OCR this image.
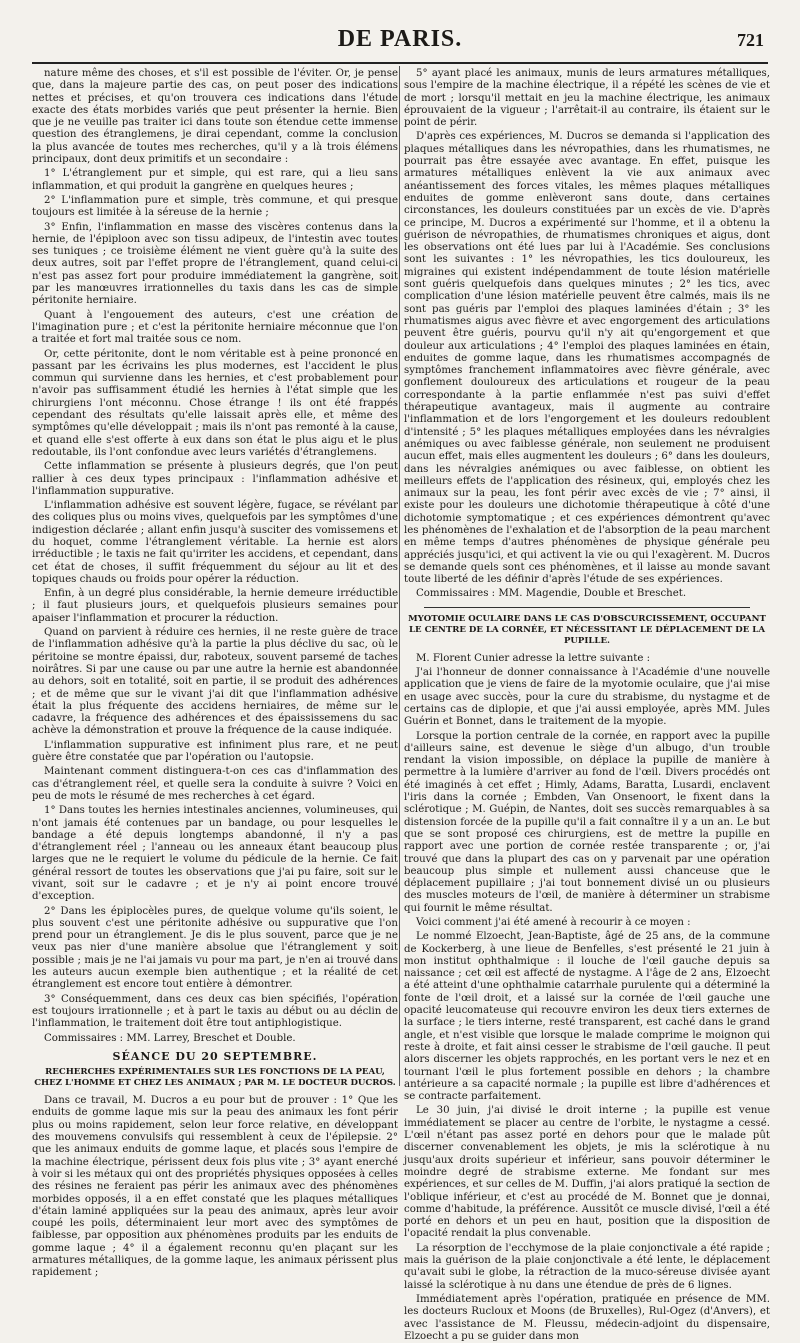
DE PARIS.	721

nature même des choses, et s'il est possible de l'éviter. Or, je pense que, dans la majeure partie des cas, on peut poser des indications nettes et précises, et qu'on trouvera ces indications dans l'étude exacte des états morbides variés que peut présenter la hernie. Bien que je ne veuille pas traiter ici dans toute son étendue cette immense question des étranglemens, je dirai cependant, comme la conclusion la plus avancée de toutes mes recherches, qu'il y a là trois élémens principaux, dont deux primitifs et un secondaire :

1° L'étranglement pur et simple, qui est rare, qui a lieu sans inflammation, et qui produit la gangrène en quelques heures ;

2° L'inflammation pure et simple, très commune, et qui presque toujours est limitée à la séreuse de la hernie ;

3° Enfin, l'inflammation en masse des viscères contenus dans la hernie, de l'épiploon avec son tissu adipeux, de l'intestin avec toutes ses tuniques ; ce troisième élément ne vient guère qu'à la suite des deux autres, soit par l'effet propre de l'étranglement, quand celui-ci n'est pas assez fort pour produire immédiatement la gangrène, soit par les manœuvres irrationnelles du taxis dans les cas de simple péritonite herniaire.

Quant à l'engouement des auteurs, c'est une création de l'imagination pure ; et c'est la péritonite herniaire méconnue que l'on a traitée et fort mal traitée sous ce nom.

Or, cette péritonite, dont le nom véritable est à peine prononcé en passant par les écrivains les plus modernes, est l'accident le plus commun qui survienne dans les hernies, et c'est probablement pour n'avoir pas suffisamment étudié les hernies à l'état simple que les chirurgiens l'ont méconnu. Chose étrange ! ils ont été frappés cependant des résultats qu'elle laissait après elle, et même des symptômes qu'elle développait ; mais ils n'ont pas remonté à la cause, et quand elle s'est offerte à eux dans son état le plus aigu et le plus redoutable, ils l'ont confondue avec leurs variétés d'étranglemens.

Cette inflammation se présente à plusieurs degrés, que l'on peut rallier à ces deux types principaux : l'inflammation adhésive et l'inflammation suppurative.

L'inflammation adhésive est souvent légère, fugace, se révélant par des coliques plus ou moins vives, quelquefois par les symptômes d'une indigestion déclarée ; allant enfin jusqu'à susciter des vomissemens et du hoquet, comme l'étranglement véritable. La hernie est alors irréductible ; le taxis ne fait qu'irriter les accidens, et cependant, dans cet état de choses, il suffit fréquemment du séjour au lit et des topiques chauds ou froids pour opérer la réduction.

Enfin, à un degré plus considérable, la hernie demeure irréductible ; il faut plusieurs jours, et quelquefois plusieurs semaines pour apaiser l'inflammation et procurer la réduction.

Quand on parvient à réduire ces hernies, il ne reste guère de trace de l'inflammation adhésive qu'à la partie la plus déclive du sac, où le péritoine se montre épaissi, dur, raboteux, souvent parsemé de taches noirâtres. Si par une cause ou par une autre la hernie est abandonnée au dehors, soit en totalité, soit en partie, il se produit des adhérences ; et de même que sur le vivant j'ai dit que l'inflammation adhésive était la plus fréquente des accidens herniaires, de même sur le cadavre, la fréquence des adhérences et des épaississemens du sac achève la démonstration et prouve la fréquence de la cause indiquée.

L'inflammation suppurative est infiniment plus rare, et ne peut guère être constatée que par l'opération ou l'autopsie.

Maintenant comment distinguera-t-on ces cas d'inflammation des cas d'étranglement réel, et quelle sera la conduite à suivre ? Voici en peu de mots le résumé de mes recherches à cet égard.

1° Dans toutes les hernies intestinales anciennes, volumineuses, qui n'ont jamais été contenues par un bandage, ou pour lesquelles le bandage a été depuis longtemps abandonné, il n'y a pas d'étranglement réel ; l'anneau ou les anneaux étant beaucoup plus larges que ne le requiert le volume du pédicule de la hernie. Ce fait général ressort de toutes les observations que j'ai pu faire, soit sur le vivant, soit sur le cadavre ; et je n'y ai point encore trouvé d'exception.

2° Dans les épiplocèles pures, de quelque volume qu'ils soient, le plus souvent c'est une péritonite adhésive ou suppurative que l'on prend pour un étranglement. Je dis le plus souvent, parce que je ne veux pas nier d'une manière absolue que l'étranglement y soit possible ; mais je ne l'ai jamais vu pour ma part, je n'en ai trouvé dans les auteurs aucun exemple bien authentique ; et la réalité de cet étranglement est encore tout entière à démontrer.

3° Conséquemment, dans ces deux cas bien spécifiés, l'opération est toujours irrationnelle ; et à part le taxis au début ou au déclin de l'inflammation, le traitement doit être tout antiphlogistique.

Commissaires : MM. Larrey, Breschet et Double.

SÉANCE DU 20 SEPTEMBRE.
RECHERCHES EXPÉRIMENTALES SUR LES FONCTIONS DE LA PEAU, CHEZ L'HOMME ET CHEZ LES ANIMAUX ; PAR M. LE DOCTEUR DUCROS.

Dans ce travail, M. Ducros a eu pour but de prouver : 1° Que les enduits de gomme laque mis sur la peau des animaux les font périr plus ou moins rapidement, selon leur force relative, en développant des mouvemens convulsifs qui ressemblent à ceux de l'épilepsie. 2° que les animaux enduits de gomme laque, et placés sous l'empire de la machine électrique, périssent deux fois plus vite ; 3° ayant enerché à voir si les métaux qui ont des propriétés physiques opposées à celles des résines ne feraient pas périr les animaux avec des phénomènes morbides opposés, il a en effet constaté que les plaques métalliques d'étain laminé appliquées sur la peau des animaux, après leur avoir coupé les poils, déterminaient leur mort avec des symptômes de faiblesse, par opposition aux phénomènes produits par les enduits de gomme laque ; 4° il a également reconnu qu'en plaçant sur les armatures métalliques, de la gomme laque, les animaux périssent plus rapidement ;

5° ayant placé les animaux, munis de leurs armatures métalliques, sous l'empire de la machine électrique, il a répété les scènes de vie et de mort ; lorsqu'il mettait en jeu la machine électrique, les animaux éprouvaient de la vigueur ; l'arrêtait-il au contraire, ils étaient sur le point de périr.

D'après ces expériences, M. Ducros se demanda si l'application des plaques métalliques dans les névropathies, dans les rhumatismes, ne pourrait pas être essayée avec avantage. En effet, puisque les armatures métalliques enlèvent la vie aux animaux avec anéantissement des forces vitales, les mêmes plaques métalliques enduites de gomme enlèveront sans doute, dans certaines circonstances, les douleurs constituées par un excès de vie. D'après ce principe, M. Ducros a expérimenté sur l'homme, et il a obtenu la guérison de névropathies, de rhumatismes chroniques et aigus, dont les observations ont été lues par lui à l'Académie. Ses conclusions sont les suivantes : 1° les névropathies, les tics douloureux, les migraines qui existent indépendamment de toute lésion matérielle sont guéris quelquefois dans quelques minutes ; 2° les tics, avec complication d'une lésion matérielle peuvent être calmés, mais ils ne sont pas guéris par l'emploi des plaques laminées d'étain ; 3° les rhumatismes aigus avec fièvre et avec engorgement des articulations peuvent être guéris, pourvu qu'il n'y ait qu'engorgement et que douleur aux articulations ; 4° l'emploi des plaques laminées en étain, enduites de gomme laque, dans les rhumatismes accompagnés de symptômes franchement inflammatoires avec fièvre générale, avec gonflement douloureux des articulations et rougeur de la peau correspondante à la partie enflammée n'est pas suivi d'effet thérapeutique avantageux, mais il augmente au contraire l'inflammation et de lors l'engorgement et les douleurs redoublent d'intensité ; 5° les plaques métalliques employées dans les névralgies anémiques ou avec faiblesse générale, non seulement ne produisent aucun effet, mais elles augmentent les douleurs ; 6° dans les douleurs, dans les névralgies anémiques ou avec faiblesse, on obtient les meilleurs effets de l'application des résineux, qui, employés chez les animaux sur la peau, les font périr avec excès de vie ; 7° ainsi, il existe pour les douleurs une dichotomie thérapeutique à côté d'une dichotomie symptomatique ; et ces expériences démontrent qu'avec les phénomènes de l'exhalation et de l'absorption de la peau marchent en même temps d'autres phénomènes de physique générale peu appréciés jusqu'ici, et qui activent la vie ou qui l'exagèrent. M. Ducros se demande quels sont ces phénomènes, et il laisse au monde savant toute liberté de les définir d'après l'étude de ses expériences.

Commissaires : MM. Magendie, Double et Breschet.

MYOTOMIE OCULAIRE DANS LE CAS D'OBSCURCISSEMENT, OCCUPANT LE CENTRE DE LA CORNÉE, ET NÉCESSITANT LE DÉPLACEMENT DE LA PUPILLE.

M. Florent Cunier adresse la lettre suivante :

J'ai l'honneur de donner connaissance à l'Académie d'une nouvelle application que je viens de faire de la myotomie oculaire, que j'ai mise en usage avec succès, pour la cure du strabisme, du nystagme et de certains cas de diplopie, et que j'ai aussi employée, après MM. Jules Guérin et Bonnet, dans le traitement de la myopie.

Lorsque la portion centrale de la cornée, en rapport avec la pupille d'ailleurs saine, est devenue le siège d'un albugo, d'un trouble rendant la vision impossible, on déplace la pupille de manière à permettre à la lumière d'arriver au fond de l'œil. Divers procédés ont été imaginés à cet effet ; Himly, Adams, Baratta, Lusardi, enclavent l'iris dans la cornée ; Embden, Van Onsenoort, le fixent dans la sclérotique ; M. Guépin, de Nantes, doit ses succès remarquables à sa distension forcée de la pupille qu'il a fait connaître il y a un an. Le but que se sont proposé ces chirurgiens, est de mettre la pupille en rapport avec une portion de cornée restée transparente ; or, j'ai trouvé que dans la plupart des cas on y parvenait par une opération beaucoup plus simple et nullement aussi chanceuse que le déplacement pupillaire ; j'ai tout bonnement divisé un ou plusieurs des muscles moteurs de l'œil, de manière à déterminer un strabisme qui fournit le même résultat.

Voici comment j'ai été amené à recourir à ce moyen :

Le nommé Elzoecht, Jean-Baptiste, âgé de 25 ans, de la commune de Kockerberg, à une lieue de Benfelles, s'est présenté le 21 juin à mon institut ophthalmique : il louche de l'œil gauche depuis sa naissance ; cet œil est affecté de nystagme. A l'âge de 2 ans, Elzoecht a été atteint d'une ophthalmie catarrhale purulente qui a déterminé la fonte de l'œil droit, et a laissé sur la cornée de l'œil gauche une opacité leucomateuse qui recouvre environ les deux tiers externes de la surface ; le tiers interne, resté transparent, est caché dans le grand angle, et n'est visible que lorsque le malade comprime le moignon qui reste à droite, et fait ainsi cesser le strabisme de l'œil gauche. Il peut alors discerner les objets rapprochés, en les portant vers le nez et en tournant l'œil le plus fortement possible en dehors ; la chambre antérieure a sa capacité normale ; la pupille est libre d'adhérences et se contracte parfaitement.

Le 30 juin, j'ai divisé le droit interne ; la pupille est venue immédiatement se placer au centre de l'orbite, le nystagme a cessé. L'œil n'étant pas assez porté en dehors pour que le malade pût discerner convenablement les objets, je mis la sclérotique à nu jusqu'aux droits supérieur et inférieur, sans pouvoir déterminer le moindre degré de strabisme externe. Me fondant sur mes expériences, et sur celles de M. Duffin, j'ai alors pratiqué la section de l'oblique inférieur, et c'est au procédé de M. Bonnet que je donnai, comme d'habitude, la préférence. Aussitôt ce muscle divisé, l'œil a été porté en dehors et un peu en haut, position que la disposition de l'opacité rendait la plus convenable.

La résorption de l'ecchymose de la plaie conjonctivale a été rapide ; mais la guérison de la plaie conjonctivale a été lente, le déplacement qu'avait subi le globe, la rétraction de la muco-séreuse divisée ayant laissé la sclérotique à nu dans une étendue de près de 6 lignes.

Immédiatement après l'opération, pratiquée en présence de MM. les docteurs Rucloux et Moons (de Bruxelles), Rul-Ogez (d'Anvers), et avec l'assistance de M. Fleussu, médecin-adjoint du dispensaire, Elzoecht a pu se guider dans mon
